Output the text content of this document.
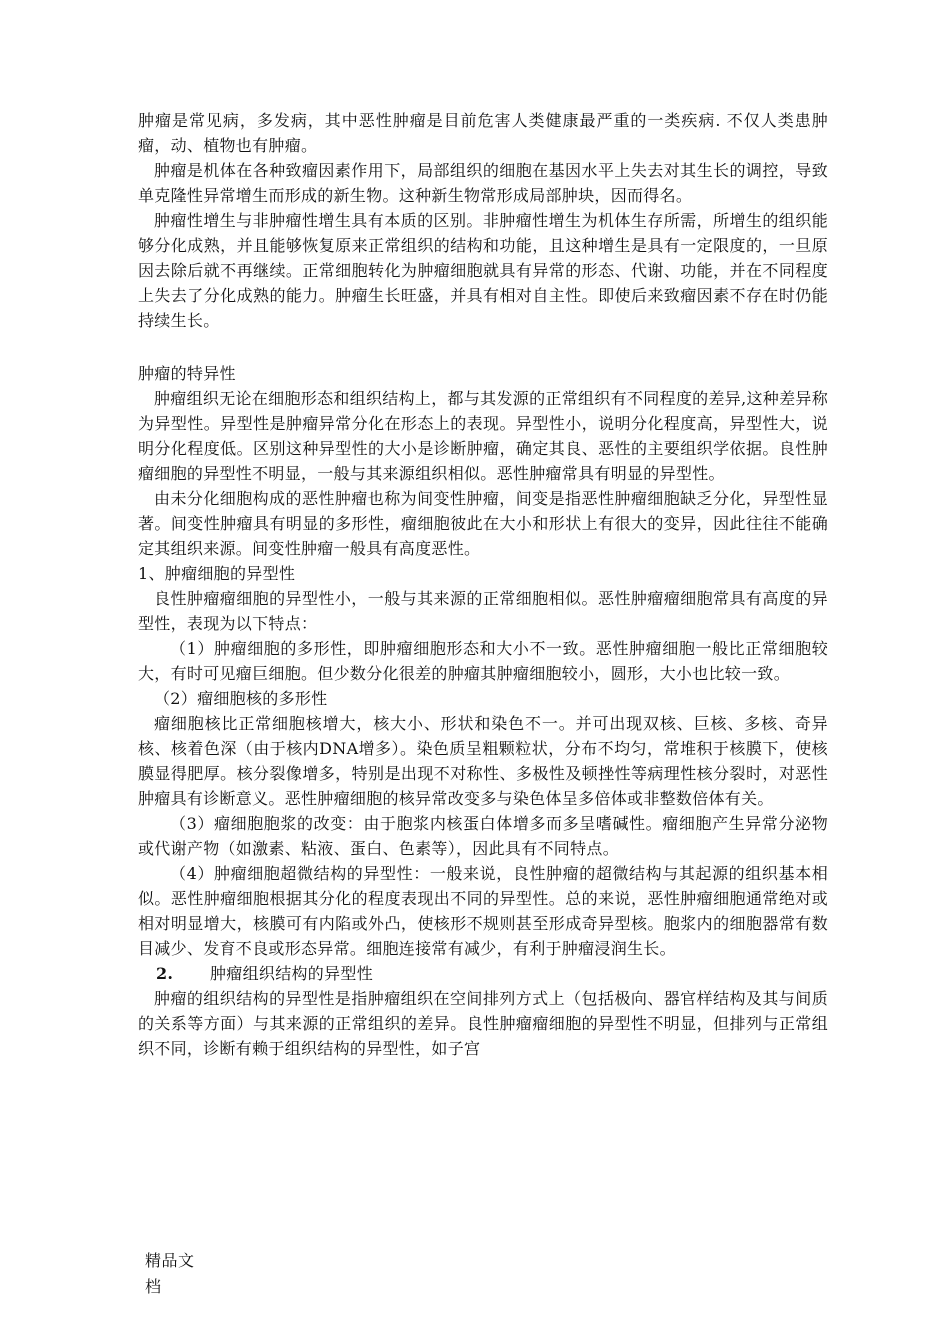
肿瘤是常见病，多发病，其中恶性肿瘤是目前危害人类健康最严重的一类疾病. 不仅人类患肿瘤，动、植物也有肿瘤。

肿瘤是机体在各种致瘤因素作用下，局部组织的细胞在基因水平上失去对其生长的调控，导致单克隆性异常增生而形成的新生物。这种新生物常形成局部肿块，因而得名。

肿瘤性增生与非肿瘤性增生具有本质的区别。非肿瘤性增生为机体生存所需，所增生的组织能够分化成熟，并且能够恢复原来正常组织的结构和功能，且这种增生是具有一定限度的，一旦原因去除后就不再继续。正常细胞转化为肿瘤细胞就具有异常的形态、代谢、功能，并在不同程度上失去了分化成熟的能力。肿瘤生长旺盛，并具有相对自主性。即使后来致瘤因素不存在时仍能持续生长。

肿瘤的特异性

肿瘤组织无论在细胞形态和组织结构上，都与其发源的正常组织有不同程度的差异,这种差异称为异型性。异型性是肿瘤异常分化在形态上的表现。异型性小，说明分化程度高，异型性大，说明分化程度低。区别这种异型性的大小是诊断肿瘤，确定其良、恶性的主要组织学依据。良性肿瘤细胞的异型性不明显，一般与其来源组织相似。恶性肿瘤常具有明显的异型性。

由未分化细胞构成的恶性肿瘤也称为间变性肿瘤，间变是指恶性肿瘤细胞缺乏分化，异型性显著。间变性肿瘤具有明显的多形性，瘤细胞彼此在大小和形状上有很大的变异，因此往往不能确定其组织来源。间变性肿瘤一般具有高度恶性。

1、肿瘤细胞的异型性

良性肿瘤瘤细胞的异型性小，一般与其来源的正常细胞相似。恶性肿瘤瘤细胞常具有高度的异型性，表现为以下特点：

（1）肿瘤细胞的多形性，即肿瘤细胞形态和大小不一致。恶性肿瘤细胞一般比正常细胞较大，有时可见瘤巨细胞。但少数分化很差的肿瘤其肿瘤细胞较小，圆形，大小也比较一致。

（2）瘤细胞核的多形性

瘤细胞核比正常细胞核增大，核大小、形状和染色不一。并可出现双核、巨核、多核、奇异核、核着色深（由于核内DNA增多）。染色质呈粗颗粒状，分布不均匀，常堆积于核膜下，使核膜显得肥厚。核分裂像增多，特别是出现不对称性、多极性及顿挫性等病理性核分裂时，对恶性肿瘤具有诊断意义。恶性肿瘤细胞的核异常改变多与染色体呈多倍体或非整数倍体有关。

（3）瘤细胞胞浆的改变：由于胞浆内核蛋白体增多而多呈嗜碱性。瘤细胞产生异常分泌物或代谢产物（如激素、粘液、蛋白、色素等），因此具有不同特点。

（4）肿瘤细胞超微结构的异型性：一般来说，良性肿瘤的超微结构与其起源的组织基本相似。恶性肿瘤细胞根据其分化的程度表现出不同的异型性。总的来说，恶性肿瘤细胞通常绝对或相对明显增大，核膜可有内陷或外凸，使核形不规则甚至形成奇异型核。胞浆内的细胞器常有数目减少、发育不良或形态异常。细胞连接常有减少，有利于肿瘤浸润生长。

2. 肿瘤组织结构的异型性

肿瘤的组织结构的异型性是指肿瘤组织在空间排列方式上（包括极向、器官样结构及其与间质的关系等方面）与其来源的正常组织的差异。良性肿瘤瘤细胞的异型性不明显，但排列与正常组织不同，诊断有赖于组织结构的异型性，如子宫

精品文
档
